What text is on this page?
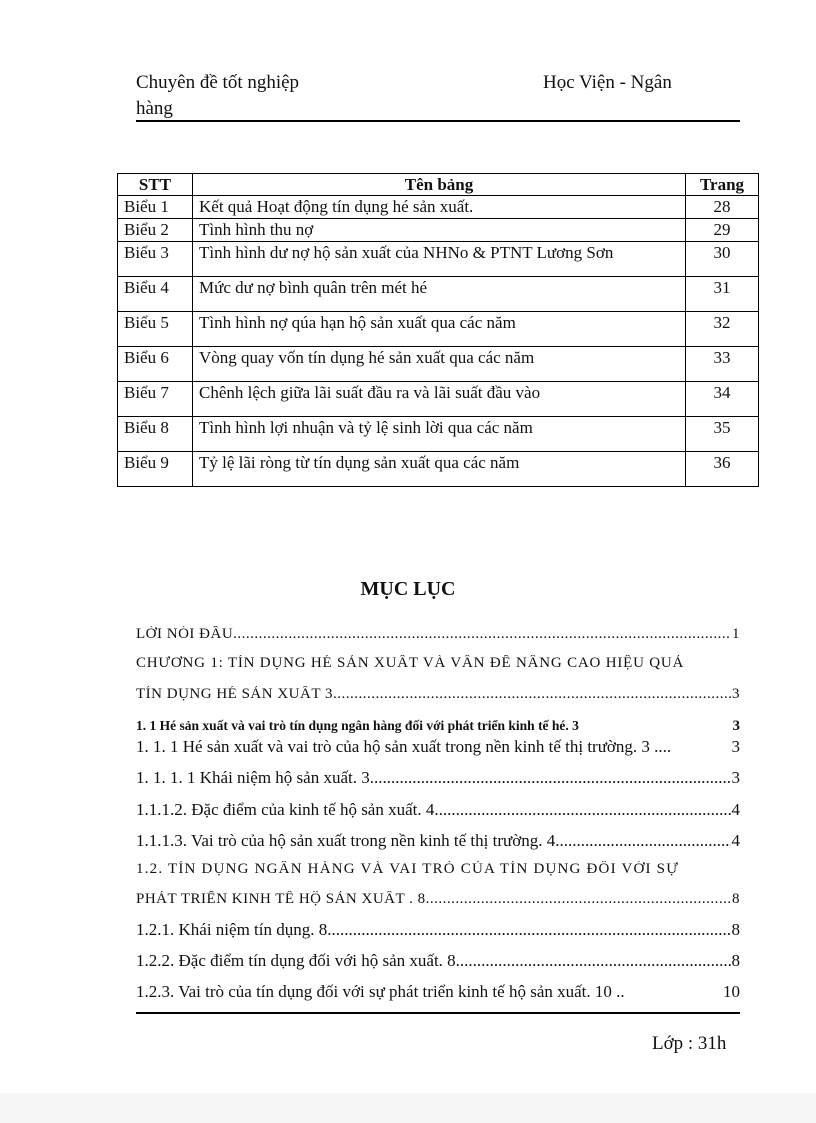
Chuyên đề tốt nghiệp
hàng
Học Viện - Ngân
STT	Tên bảng	Trang
Biểu 1	Kết quả Hoạt động tín dụng hé sản xuất.	28
Biểu 2	Tình hình thu nợ	29
Biểu 3	Tình hình dư nợ hộ sản xuất của NHNo & PTNT Lương Sơn	30
Biểu 4	Mức dư nợ bình quân trên mét hé	31
Biểu 5	Tình hình nợ qúa hạn hộ sản xuất qua các năm	32
Biểu 6	Vòng quay vốn tín dụng hé sản xuất qua các năm	33
Biểu 7	Chênh lệch giữa lãi suất đầu ra và lãi suất đầu vào	34
Biểu 8	Tình hình lợi nhuận và tỷ lệ sinh lời qua các năm	35
Biểu 9	Tỷ lệ lãi ròng từ tín dụng sản xuất qua các năm	36
MỤC LỤC
LỜI NÓI ĐẦU .....	1
CHƯƠNG 1: TÍN DỤNG HÉ SẢN XUẤT VÀ VẤN ĐỀ NÂNG CAO HIỆU QUẢ
TÍN DỤNG HÉ SẢN XUẤT 3 .....	3
1. 1 Hé sản xuất và vai trò tín dụng ngân hàng đối với phát triển kinh tế hé. 3	3
1. 1. 1 Hé sản xuất và vai trò của hộ sản xuất trong nền kinh tế thị trường. 3 ....	3
1. 1. 1. 1 Khái niệm hộ sản xuất. 3 .....	3
1.1.1.2. Đặc điểm của kinh tế hộ sản xuất. 4 .....	4
1.1.1.3. Vai trò của hộ sản xuất trong nền kinh tế thị trường. 4 .....	4
1.2. TÍN DỤNG NGÂN HÀNG VÀ VAI TRÒ CỦA TÍN DỤNG ĐỐI VỚI SỰ
PHÁT TRIỂN KINH TẾ HỘ SẢN XUẤT . 8 .....	8
1.2.1. Khái niệm tín dụng. 8 .....	8
1.2.2. Đặc điểm tín dụng đối với hộ sản xuất. 8 .....	8
1.2.3. Vai trò của tín dụng đối với sự phát triển kinh tế hộ sản xuất. 10 ..	10
Lớp : 31h
